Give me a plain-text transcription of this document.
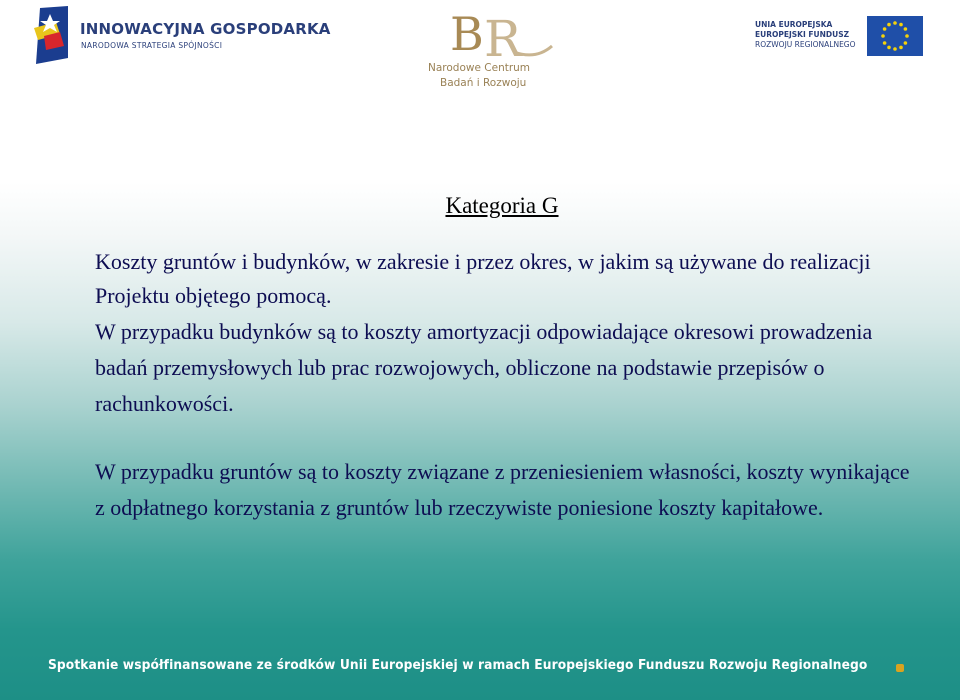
INNOWACYJNA GOSPODARKA
NARODOWA STRATEGIA SPÓJNOŚCI	B R
Narodowe Centrum
Badań i Rozwoju
UNIA EUROPEJSKA
EUROPEJSKI FUNDUSZ
ROZWOJU REGIONALNEGO
Kategoria G

Koszty gruntów i budynków, w zakresie i przez okres, w jakim są używane do realizacji Projektu objętego pomocą.

W przypadku budynków są to koszty amortyzacji odpowiadające okresowi prowadzenia badań przemysłowych lub prac rozwojowych, obliczone na podstawie przepisów o rachunkowości.

W przypadku gruntów są to koszty związane z przeniesieniem własności, koszty wynikające z odpłatnego korzystania z gruntów lub rzeczywiste poniesione koszty kapitałowe.

Spotkanie współfinansowane ze środków Unii Europejskiej w ramach Europejskiego Funduszu Rozwoju Regionalnego
